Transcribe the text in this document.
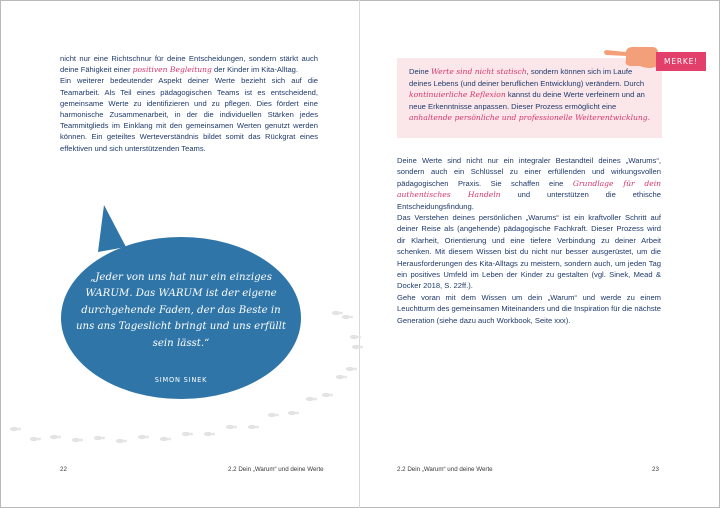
nicht nur eine Richtschnur für deine Entscheidungen, sondern stärkt auch deine Fähigkeit einer positiven Begleitung der Kinder im Kita-Alltag.

Ein weiterer bedeutender Aspekt deiner Werte bezieht sich auf die Teamarbeit. Als Teil eines pädagogischen Teams ist es entscheidend, gemeinsame Werte zu identifizieren und zu pflegen. Dies fördert eine harmonische Zusammenarbeit, in der die individuellen Stärken jedes Teammitglieds im Einklang mit den gemeinsamen Werten genutzt werden können. Ein geteiltes Werteverständnis bildet somit das Rückgrat eines effektiven und sich unterstützenden Teams.

„Jeder von uns hat nur ein einziges WARUM. Das WARUM ist der eigene durchgehende Faden, der das Beste in uns ans Tageslicht bringt und uns erfüllt sein lässt.“
SIMON SINEK
22	2.2 Dein „Warum“ und deine Werte

Deine Werte sind nicht statisch, sondern können sich im Laufe deines Lebens (und deiner beruflichen Entwicklung) verändern. Durch kontinuierliche Reflexion kannst du deine Werte verfeinern und an neue Erkenntnisse anpassen. Dieser Prozess ermöglicht eine anhaltende persönliche und professionelle Weiterentwicklung.

MERKE!

Deine Werte sind nicht nur ein integraler Bestandteil deines „Warums“, sondern auch ein Schlüssel zu einer erfüllenden und wirkungsvollen pädagogischen Praxis. Sie schaffen eine Grundlage für dein authentisches Handeln und unterstützen die ethische Entscheidungsfindung.

Das Verstehen deines persönlichen „Warums“ ist ein kraftvoller Schritt auf deiner Reise als (angehende) pädagogische Fachkraft. Dieser Prozess wird dir Klarheit, Orientierung und eine tiefere Verbindung zu deiner Arbeit schenken. Mit diesem Wissen bist du nicht nur besser ausgerüstet, um die Herausforderungen des Kita-Alltags zu meistern, sondern auch, um jeden Tag ein positives Umfeld im Leben der Kinder zu gestalten (vgl. Sinek, Mead & Docker 2018, S. 22ff.).

Gehe voran mit dem Wissen um dein „Warum“ und werde zu einem Leuchtturm des gemeinsamen Miteinanders und die Inspiration für die nächste Generation (siehe dazu auch Workbook, Seite xxx).

2.2 Dein „Warum“ und deine Werte	23
